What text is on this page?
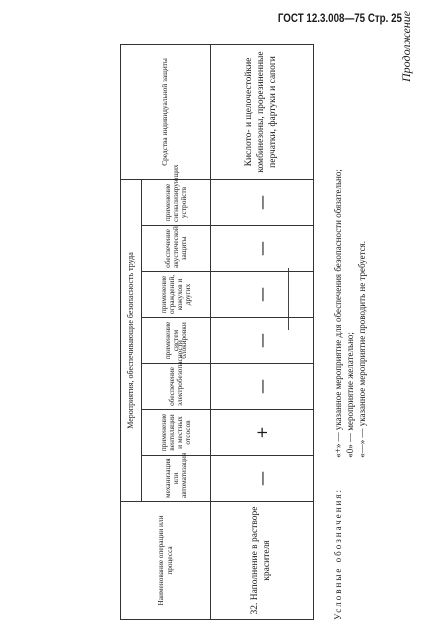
ГОСТ 12.3.008—75 Стр. 25
Продолжение
Наименование операции или процесса	Мероприятия, обеспечивающие безопасность труда							Средства индивидуальной защиты
	механизация или автоматизация	применение вентиляции и местных отсосов	обеспечение электробезопасности	применение систем блокировки	применение ограждений, кожухов и других	обеспечение акустической защиты	применение сигнализирующих устройств	
32. Наполнение в растворе красителя	—	+	—	—	—	—	—	Кислото- и щелочестойкие комбинезоны, прорезиненные перчатки, фартуки и сапоги
Условные обозначения:
«+» — указанное мероприятие для обеспечения безопасности обязательно; «0» — мероприятие желательно; «—» — указанное мероприятие проводить не требуется.
